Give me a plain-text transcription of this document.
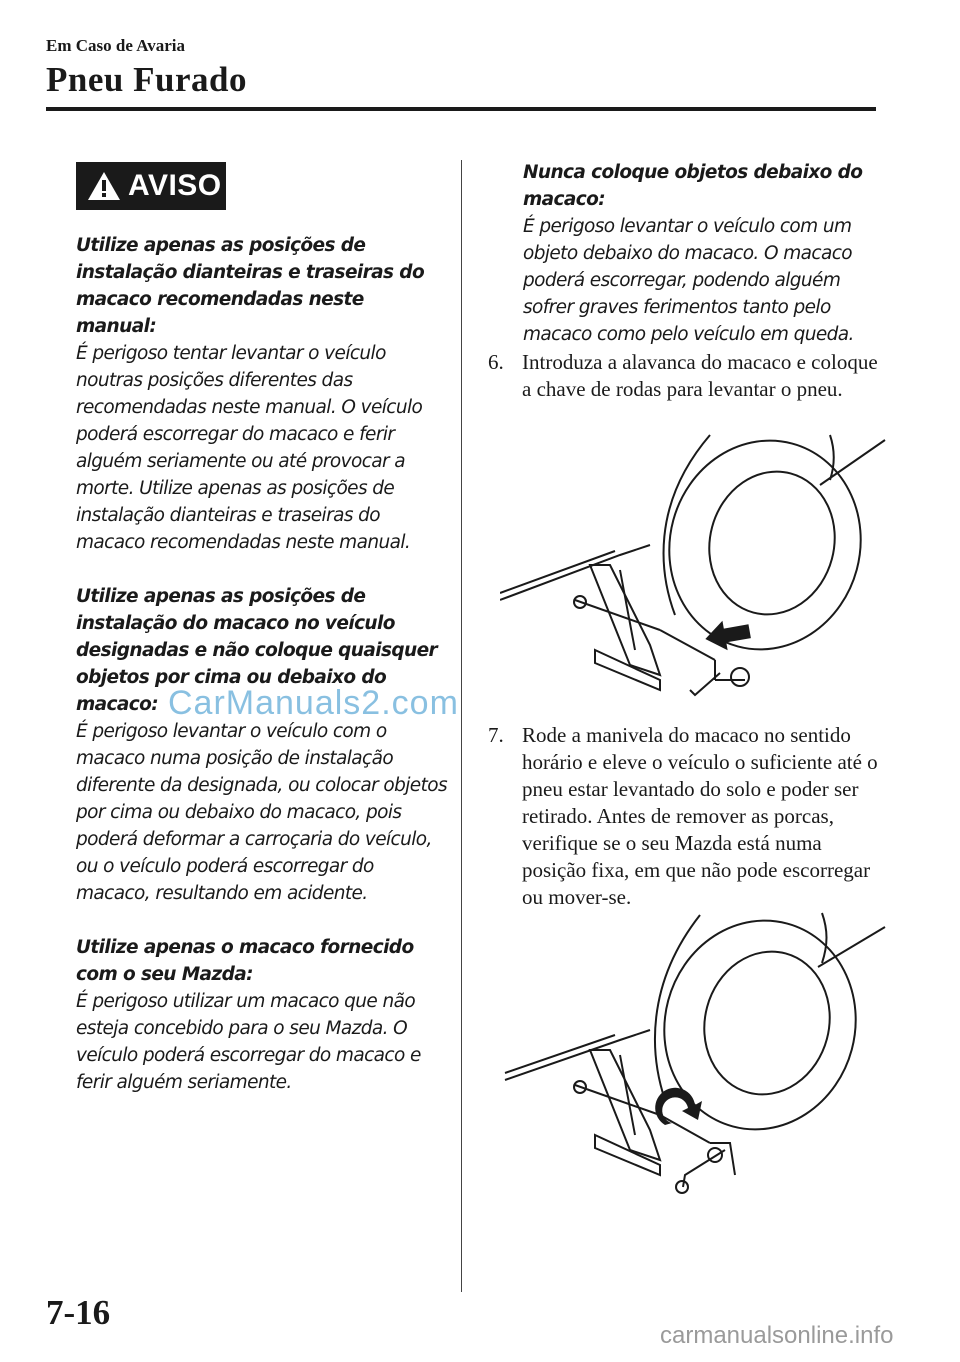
Em Caso de Avaria
Pneu Furado
AVISO

Utilize apenas as posições de instalação dianteiras e traseiras do macaco recomendadas neste manual:

É perigoso tentar levantar o veículo noutras posições diferentes das recomendadas neste manual. O veículo poderá escorregar do macaco e ferir alguém seriamente ou até provocar a morte. Utilize apenas as posições de instalação dianteiras e traseiras do macaco recomendadas neste manual.

Utilize apenas as posições de instalação do macaco no veículo designadas e não coloque quaisquer objetos por cima ou debaixo do macaco:

É perigoso levantar o veículo com o macaco numa posição de instalação diferente da designada, ou colocar objetos por cima ou debaixo do macaco, pois poderá deformar a carroçaria do veículo, ou o veículo poderá escorregar do macaco, resultando em acidente.

Utilize apenas o macaco fornecido com o seu Mazda:

É perigoso utilizar um macaco que não esteja concebido para o seu Mazda. O veículo poderá escorregar do macaco e ferir alguém seriamente.

Nunca coloque objetos debaixo do macaco:

É perigoso levantar o veículo com um objeto debaixo do macaco. O macaco poderá escorregar, podendo alguém sofrer graves ferimentos tanto pelo macaco como pelo veículo em queda.

6. Introduza a alavanca do macaco e coloque a chave de rodas para levantar o pneu.
7. Rode a manivela do macaco no sentido horário e eleve o veículo o suficiente até o pneu estar levantado do solo e poder ser retirado. Antes de remover as porcas, verifique se o seu Mazda está numa posição fixa, em que não pode escorregar ou mover-se.
CarManuals2.com
7-16
carmanualsonline.info
